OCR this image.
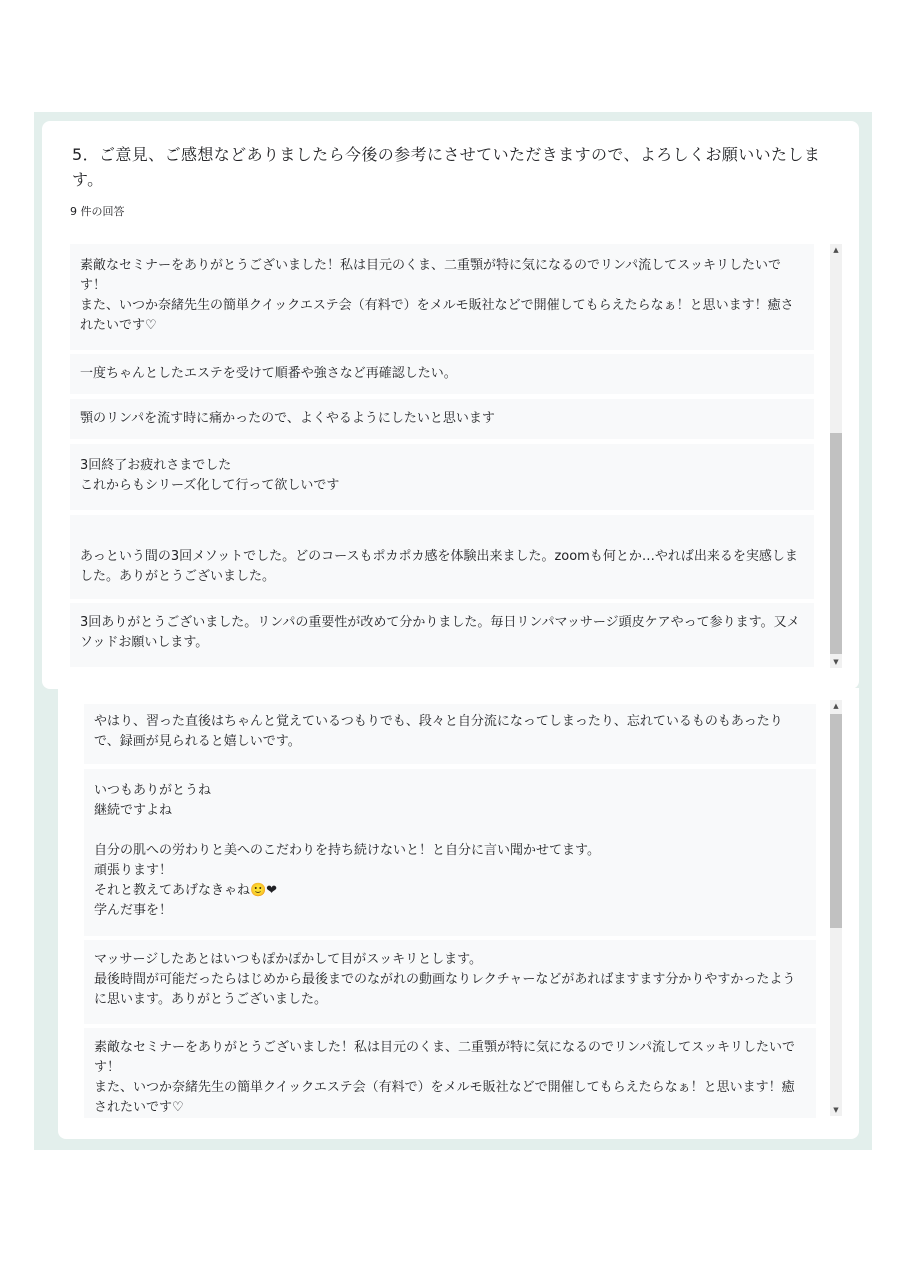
5．ご意見、ご感想などありましたら今後の参考にさせていただきますので、よろしくお願いいたします。
9 件の回答
素敵なセミナーをありがとうございました！私は目元のくま、二重顎が特に気になるのでリンパ流してスッキリしたいです！
また、いつか奈緒先生の簡単クイックエステ会（有料で）をメルモ販社などで開催してもらえたらなぁ！と思います！癒されたいです♡
一度ちゃんとしたエステを受けて順番や強さなど再確認したい。
顎のリンパを流す時に痛かったので、よくやるようにしたいと思います
3回終了お疲れさまでした
これからもシリーズ化して行って欲しいです

あっという間の3回メソットでした。どのコースもポカポカ感を体験出来ました。zoomも何とか…やれば出来るを実感しました。ありがとうございました。
3回ありがとうございました。リンパの重要性が改めて分かりました。毎日リンパマッサージ頭皮ケアやって参ります。又メソッドお願いします。
▲
▼
やはり、習った直後はちゃんと覚えているつもりでも、段々と自分流になってしまったり、忘れているものもあったりで、録画が見られると嬉しいです。
いつもありがとうね
継続ですよね

自分の肌への労わりと美へのこだわりを持ち続けないと！と自分に言い聞かせてます。
頑張ります！
それと教えてあげなきゃね🙂❤
学んだ事を！
マッサージしたあとはいつもぽかぽかして目がスッキリとします。
最後時間が可能だったらはじめから最後までのながれの動画なりレクチャーなどがあればますます分かりやすかったように思います。ありがとうございました。
素敵なセミナーをありがとうございました！私は目元のくま、二重顎が特に気になるのでリンパ流してスッキリしたいです！
また、いつか奈緒先生の簡単クイックエステ会（有料で）をメルモ販社などで開催してもらえたらなぁ！と思います！癒されたいです♡
▲
▼
